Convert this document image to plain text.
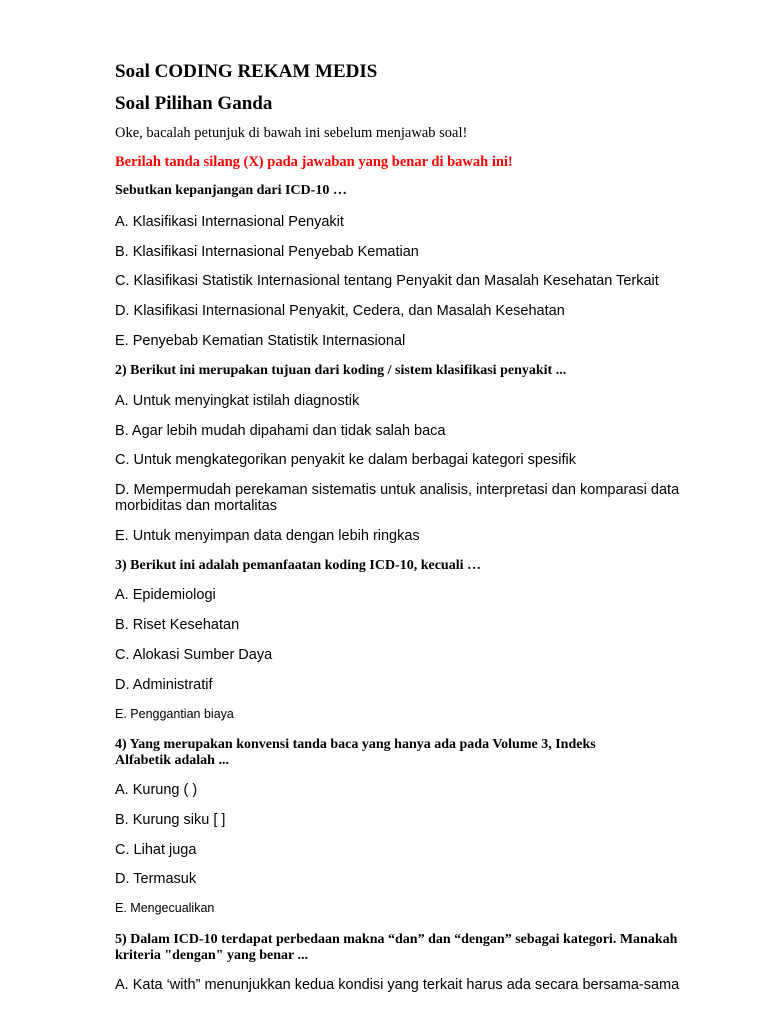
Soal CODING REKAM MEDIS
Soal Pilihan Ganda
Oke, bacalah petunjuk di bawah ini sebelum menjawab soal!
Berilah tanda silang (X) pada jawaban yang benar di bawah ini!
Sebutkan kepanjangan dari ICD-10 …
A. Klasifikasi Internasional Penyakit
B. Klasifikasi Internasional Penyebab Kematian
C. Klasifikasi Statistik Internasional tentang Penyakit dan Masalah Kesehatan Terkait
D. Klasifikasi Internasional Penyakit, Cedera, dan Masalah Kesehatan
E. Penyebab Kematian Statistik Internasional
2) Berikut ini merupakan tujuan dari koding / sistem klasifikasi penyakit ...
A. Untuk menyingkat istilah diagnostik
B. Agar lebih mudah dipahami dan tidak salah baca
C. Untuk mengkategorikan penyakit ke dalam berbagai kategori spesifik
D. Mempermudah perekaman sistematis untuk analisis, interpretasi dan komparasi data morbiditas dan mortalitas
E. Untuk menyimpan data dengan lebih ringkas
3) Berikut ini adalah pemanfaatan koding ICD-10, kecuali …
A. Epidemiologi
B. Riset Kesehatan
C. Alokasi Sumber Daya
D. Administratif
E. Penggantian biaya
4) Yang merupakan konvensi tanda baca yang hanya ada pada Volume 3, Indeks Alfabetik adalah ...
A. Kurung ( )
B. Kurung siku [ ]
C. Lihat juga
D. Termasuk
E. Mengecualikan
5) Dalam ICD-10 terdapat perbedaan makna “dan” dan “dengan” sebagai kategori. Manakah kriteria "dengan" yang benar ...
A. Kata ‘with” menunjukkan kedua kondisi yang terkait harus ada secara bersama-sama
